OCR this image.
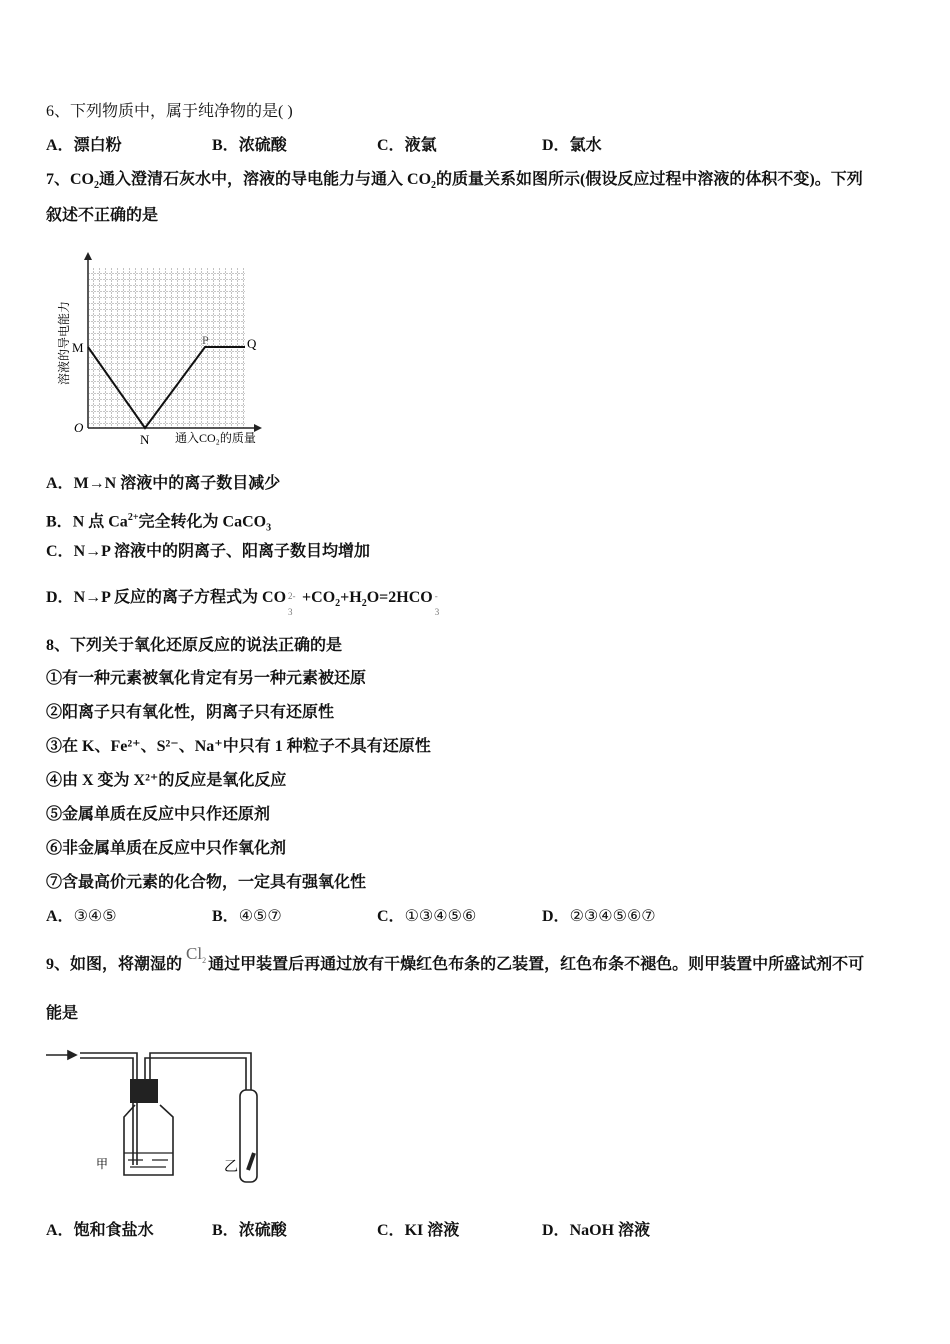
6、下列物质中，属于纯净物的是( )
A．漂白粉	B．浓硫酸	C．液氯	D．氯水
7、$CO_2$通入澄清石灰水中，溶液的导电能力与通入 $CO_2$的质量关系如图所示(假设反应过程中溶液的体积不变)。下列
叙述不正确的是
M
N
P	Q
O
通入CO₂的质量
溶液的导电能力
A．M→N 溶液中的离子数目减少
B．N 点 $Ca^{2+}$完全转化为 CaCO$_3$
C．N→P 溶液中的阴离子、阳离子数目均增加
D．N→P 反应的离子方程式为 CO 2-
3
$+CO_2+H_2O=2HCO$ -
3
8、下列关于氧化还原反应的说法正确的是
①有一种元素被氧化肯定有另一种元素被还原
②阳离子只有氧化性，阴离子只有还原性
③在 K、Fe²⁺、S²⁻、Na⁺中只有 1 种粒子不具有还原性
④由 X 变为 X²⁺的反应是氧化反应
⑤金属单质在反应中只作还原剂
⑥非金属单质在反应中只作氧化剂
⑦含最高价元素的化合物，一定具有强氧化性
A．③④⑤	B．④⑤⑦	C．①③④⑤⑥	D．②③④⑤⑥⑦
9、如图，将潮湿的Cl$^2$ 通过甲装置后再通过放有干燥红色布条的乙装置，红色布条不褪色。则甲装置中所盛试剂不可
能是
甲	乙
A．饱和食盐水	B．浓硫酸	C．KI 溶液	D．NaOH 溶液
